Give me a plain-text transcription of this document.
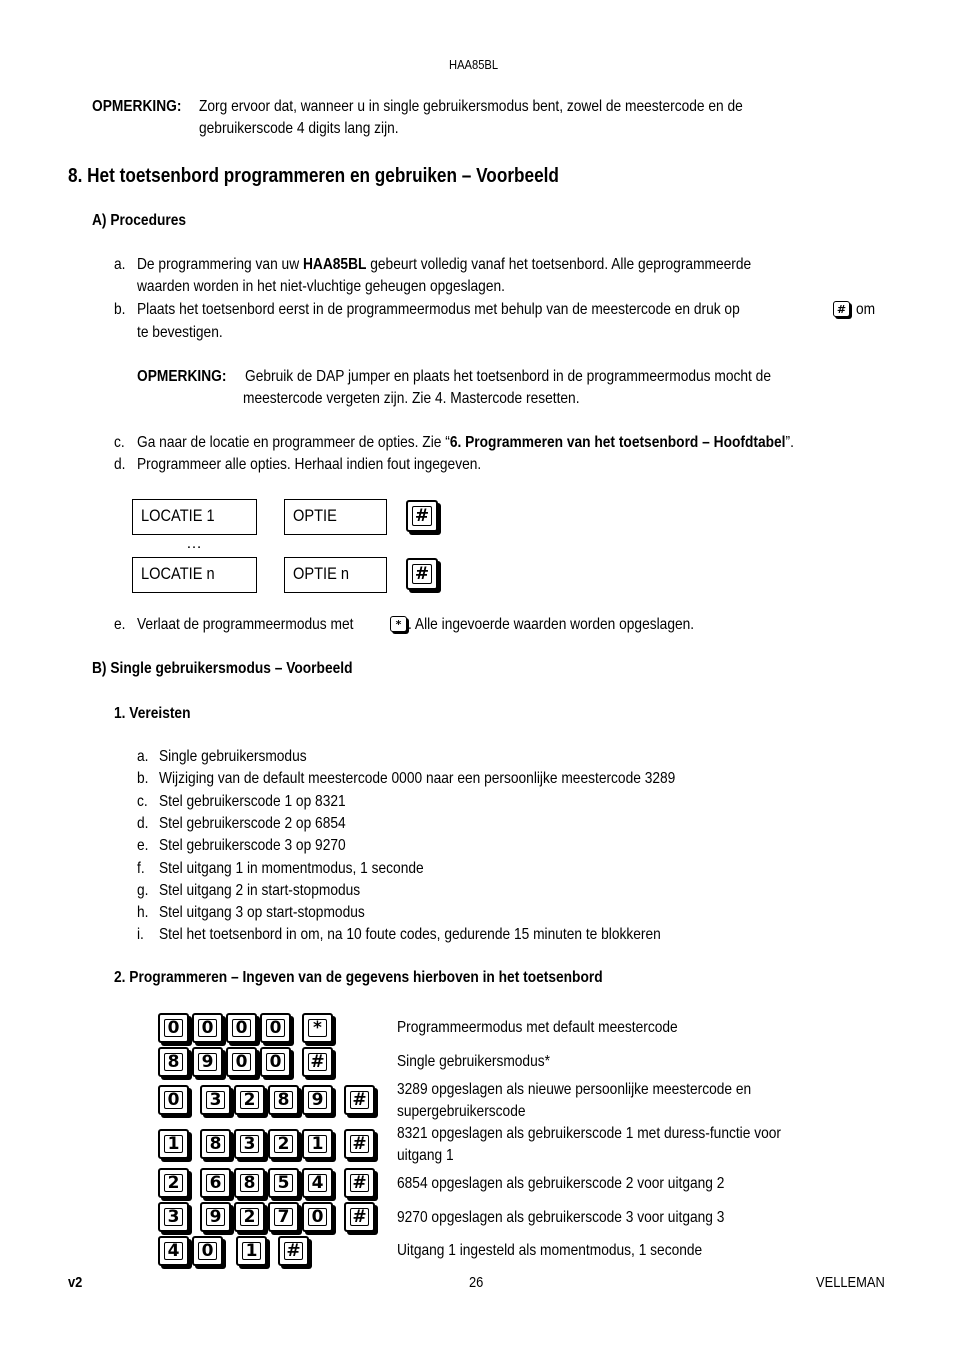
HAA85BL
OPMERKING:	Zorg ervoor dat, wanneer u in single gebruikersmodus bent, zowel de meestercode en de
gebruikerscode 4 digits lang zijn.
8. Het toetsenbord programmeren en gebruiken – Voorbeeld
A) Procedures
a. De programmering van uw HAA85BL gebeurt volledig vanaf het toetsenbord. Alle geprogrammeerde
waarden worden in het niet-vluchtige geheugen opgeslagen.
b. Plaats het toetsenbord eerst in de programmeermodus met behulp van de meestercode en druk op	# om
te bevestigen.
OPMERKING:	Gebruik de DAP jumper en plaats het toetsenbord in de programmeermodus mocht de
meestercode vergeten zijn. Zie 4. Mastercode resetten.
c. Ga naar de locatie en programmeer de opties. Zie “6. Programmeren van het toetsenbord – Hoofdtabel”.
d. Programmeer alle opties. Herhaal indien fout ingegeven.
LOCATIE 1	OPTIE	#
…
LOCATIE n	OPTIE n	#
e. Verlaat de programmeermodus met	* . Alle ingevoerde waarden worden opgeslagen.
B) Single gebruikersmodus – Voorbeeld
1. Vereisten
a. Single gebruikersmodus
b. Wijziging van de default meestercode 0000 naar een persoonlijke meestercode 3289
c. Stel gebruikerscode 1 op 8321
d. Stel gebruikerscode 2 op 6854
e. Stel gebruikerscode 3 op 9270
f. Stel uitgang 1 in momentmodus, 1 seconde
g. Stel uitgang 2 in start-stopmodus
h. Stel uitgang 3 op start-stopmodus
i. Stel het toetsenbord in om, na 10 foute codes, gedurende 15 minuten te blokkeren
2. Programmeren – Ingeven van de gegevens hierboven in het toetsenbord
0 0 0 0	*	Programmeermodus met default meestercode
8 9 0 0 #	Single gebruikersmodus*
0 3 2 8 9 #
3289 opgeslagen als nieuwe persoonlijke meestercode en
supergebruikerscode
1 8 3 2 1 #
8321 opgeslagen als gebruikerscode 1 met duress-functie voor
uitgang 1
2 6 8 5 4 # 6854 opgeslagen als gebruikerscode 2 voor uitgang 2
3 9 2 7 0 # 9270 opgeslagen als gebruikerscode 3 voor uitgang 3
4 0 1 #	Uitgang 1 ingesteld als momentmodus, 1 seconde
v2	26	VELLEMAN
